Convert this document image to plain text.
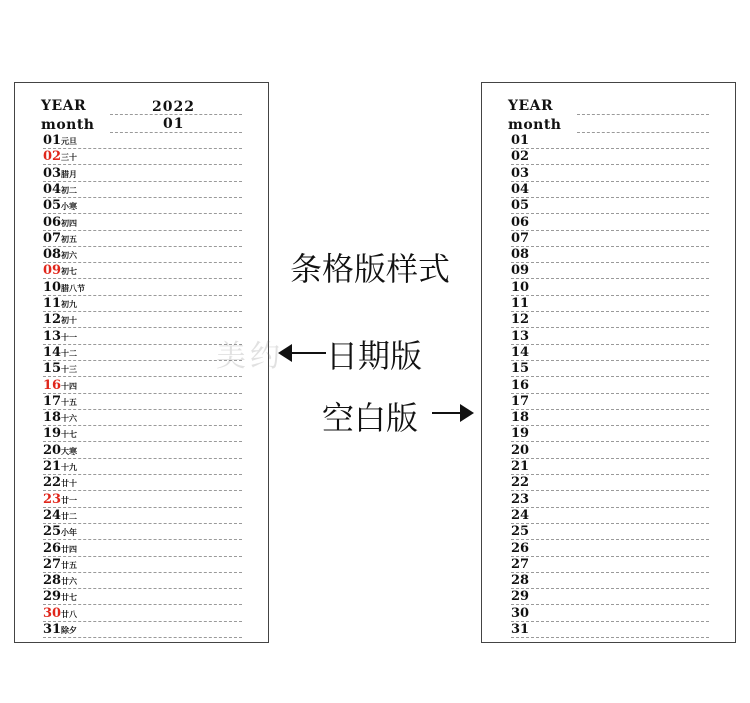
YEAR
month
2022
01
01 元旦
02 三十
03 腊月
04 初二
05 小寒
06 初四
07 初五
08 初六
09 初七
10 腊八节
11 初九
12 初十
13 十一
14 十二
15 十三
16 十四
17 十五
18 十六
19 十七
20 大寒
21 十九
22 廿十
23 廿一
24 廿二
25 小年
26 廿四
27 廿五
28 廿六
29 廿七
30 廿八
31 除夕
YEAR
month
01
02
03
04
05
06
07
08
09
10
11
12
13
14
15
16
17
18
19
20
21
22
23
24
25
26
27
28
29
30
31
美约
条格版样式
日期版
空白版
